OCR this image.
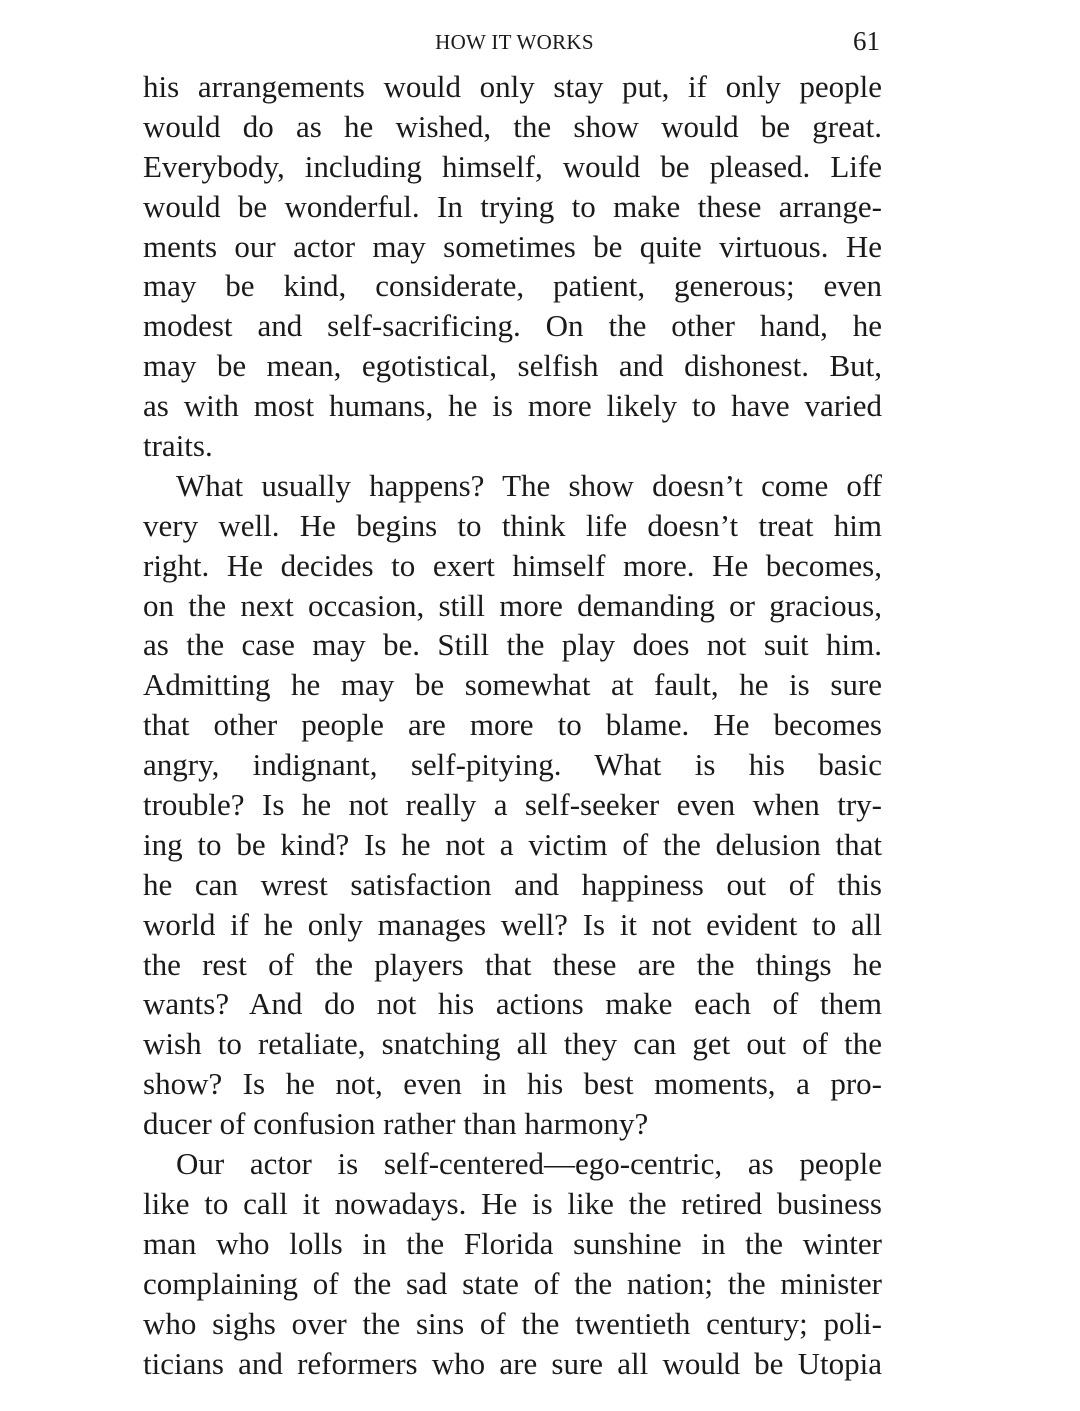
HOW IT WORKS	61
his arrangements would only stay put, if only people
would do as he wished, the show would be great.
Everybody, including himself, would be pleased. Life
would be wonderful. In trying to make these arrange-
ments our actor may sometimes be quite virtuous. He
may be kind, considerate, patient, generous; even
modest and self-sacrificing. On the other hand, he
may be mean, egotistical, selfish and dishonest. But,
as with most humans, he is more likely to have varied
traits.
What usually happens? The show doesn’t come off
very well. He begins to think life doesn’t treat him
right. He decides to exert himself more. He becomes,
on the next occasion, still more demanding or gracious,
as the case may be. Still the play does not suit him.
Admitting he may be somewhat at fault, he is sure
that other people are more to blame. He becomes
angry, indignant, self-pitying. What is his basic
trouble? Is he not really a self-seeker even when try-
ing to be kind? Is he not a victim of the delusion that
he can wrest satisfaction and happiness out of this
world if he only manages well? Is it not evident to all
the rest of the players that these are the things he
wants? And do not his actions make each of them
wish to retaliate, snatching all they can get out of the
show? Is he not, even in his best moments, a pro-
ducer of confusion rather than harmony?
Our actor is self-centered—ego-centric, as people
like to call it nowadays. He is like the retired business
man who lolls in the Florida sunshine in the winter
complaining of the sad state of the nation; the minister
who sighs over the sins of the twentieth century; poli-
ticians and reformers who are sure all would be Utopia
